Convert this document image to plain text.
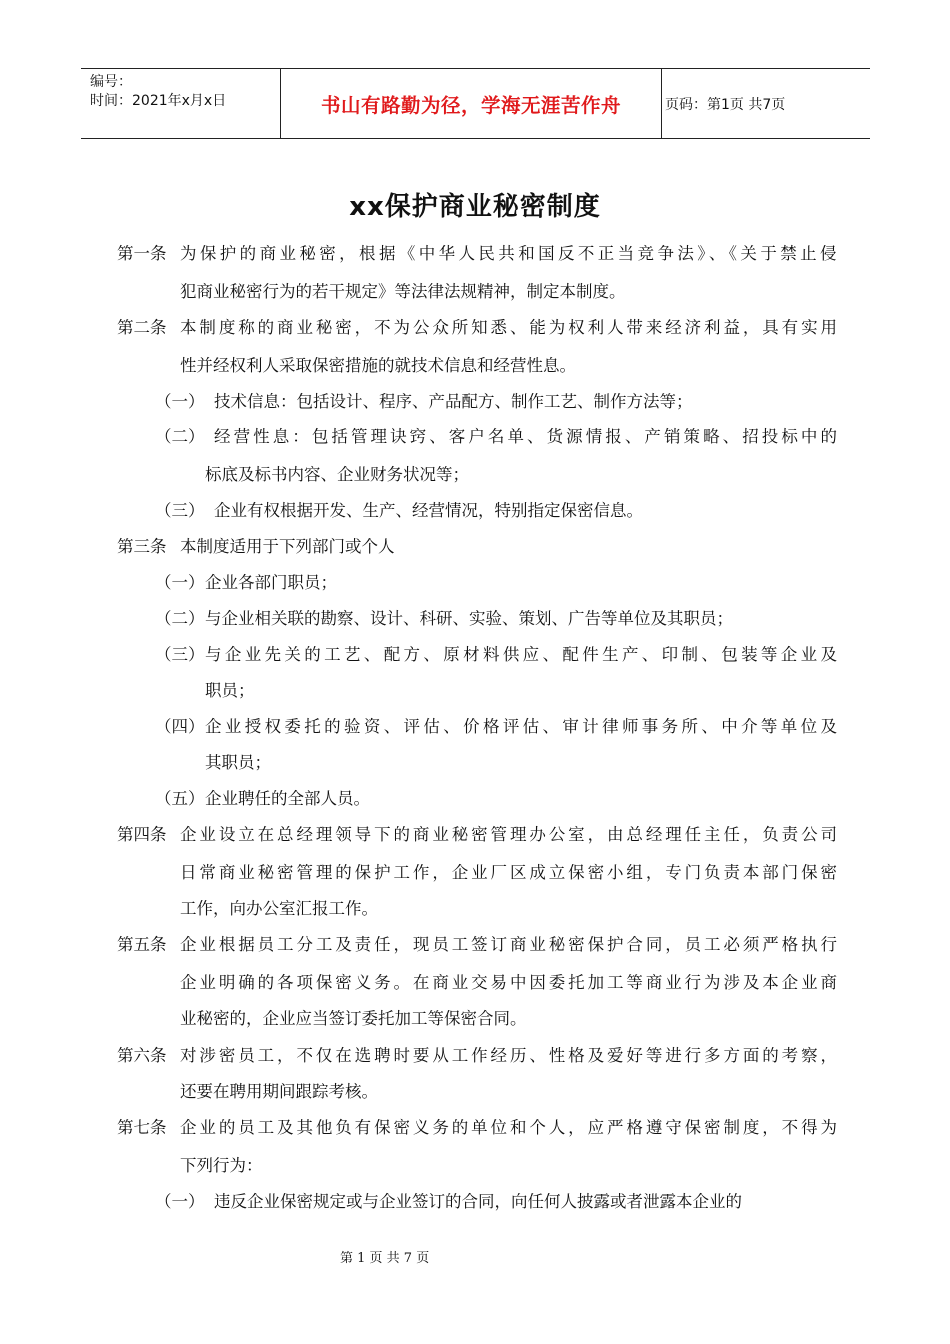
编号：
时间：2021年x月x日	书山有路勤为径，学海无涯苦作舟	页码：第1页 共7页
xx保护商业秘密制度
第一条 为保护的商业秘密，根据《中华人民共和国反不正当竞争法》、《关于禁止侵
犯商业秘密行为的若干规定》等法律法规精神，制定本制度。
第二条 本制度称的商业秘密，不为公众所知悉、能为权利人带来经济利益，具有实用
性并经权利人采取保密措施的就技术信息和经营性息。
（一） 技术信息：包括设计、程序、产品配方、制作工艺、制作方法等；
（二） 经营性息：包括管理诀窍、客户名单、货源情报、产销策略、招投标中的
标底及标书内容、企业财务状况等；
（三） 企业有权根据开发、生产、经营情况，特别指定保密信息。
第三条 本制度适用于下列部门或个人
（一） 企业各部门职员；
（二） 与企业相关联的勘察、设计、科研、实验、策划、广告等单位及其职员；
（三） 与企业先关的工艺、配方、原材料供应、配件生产、印制、包装等企业及
职员；
（四） 企业授权委托的验资、评估、价格评估、审计律师事务所、中介等单位及
其职员；
（五） 企业聘任的全部人员。
第四条 企业设立在总经理领导下的商业秘密管理办公室，由总经理任主任，负责公司
日常商业秘密管理的保护工作，企业厂区成立保密小组，专门负责本部门保密
工作，向办公室汇报工作。
第五条 企业根据员工分工及责任，现员工签订商业秘密保护合同，员工必须严格执行
企业明确的各项保密义务。在商业交易中因委托加工等商业行为涉及本企业商
业秘密的，企业应当签订委托加工等保密合同。
第六条 对涉密员工，不仅在选聘时要从工作经历、性格及爱好等进行多方面的考察，
还要在聘用期间跟踪考核。
第七条 企业的员工及其他负有保密义务的单位和个人，应严格遵守保密制度，不得为
下列行为：
（一） 违反企业保密规定或与企业签订的合同，向任何人披露或者泄露本企业的
第 1 页 共 7 页
